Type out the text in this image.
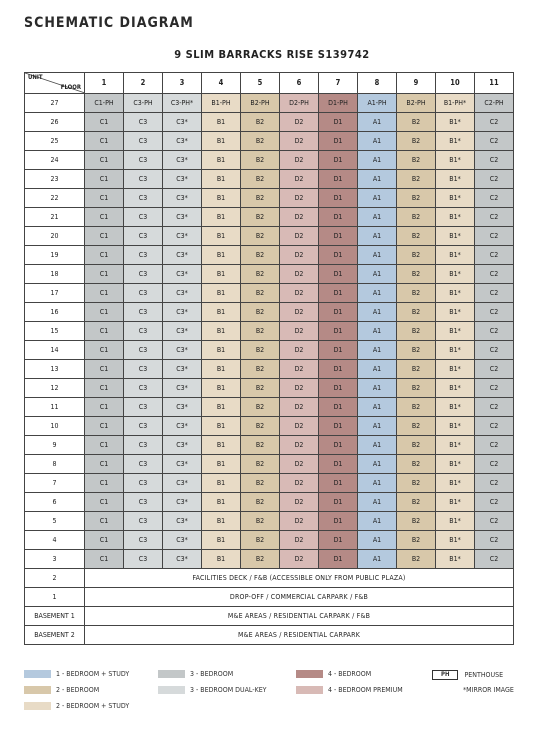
SCHEMATIC DIAGRAM
9 SLIM BARRACKS RISE S139742
UNIT
FLOOR	1	2	3	4	5	6	7	8	9	10	11
27	C1-PH	C3-PH	C3-PH*	B1-PH	B2-PH	D2-PH	D1-PH	A1-PH	B2-PH	B1-PH*	C2-PH
26	C1	C3	C3*	B1	B2	D2	D1	A1	B2	B1*	C2
25	C1	C3	C3*	B1	B2	D2	D1	A1	B2	B1*	C2
24	C1	C3	C3*	B1	B2	D2	D1	A1	B2	B1*	C2
23	C1	C3	C3*	B1	B2	D2	D1	A1	B2	B1*	C2
22	C1	C3	C3*	B1	B2	D2	D1	A1	B2	B1*	C2
21	C1	C3	C3*	B1	B2	D2	D1	A1	B2	B1*	C2
20	C1	C3	C3*	B1	B2	D2	D1	A1	B2	B1*	C2
19	C1	C3	C3*	B1	B2	D2	D1	A1	B2	B1*	C2
18	C1	C3	C3*	B1	B2	D2	D1	A1	B2	B1*	C2
17	C1	C3	C3*	B1	B2	D2	D1	A1	B2	B1*	C2
16	C1	C3	C3*	B1	B2	D2	D1	A1	B2	B1*	C2
15	C1	C3	C3*	B1	B2	D2	D1	A1	B2	B1*	C2
14	C1	C3	C3*	B1	B2	D2	D1	A1	B2	B1*	C2
13	C1	C3	C3*	B1	B2	D2	D1	A1	B2	B1*	C2
12	C1	C3	C3*	B1	B2	D2	D1	A1	B2	B1*	C2
11	C1	C3	C3*	B1	B2	D2	D1	A1	B2	B1*	C2
10	C1	C3	C3*	B1	B2	D2	D1	A1	B2	B1*	C2
9	C1	C3	C3*	B1	B2	D2	D1	A1	B2	B1*	C2
8	C1	C3	C3*	B1	B2	D2	D1	A1	B2	B1*	C2
7	C1	C3	C3*	B1	B2	D2	D1	A1	B2	B1*	C2
6	C1	C3	C3*	B1	B2	D2	D1	A1	B2	B1*	C2
5	C1	C3	C3*	B1	B2	D2	D1	A1	B2	B1*	C2
4	C1	C3	C3*	B1	B2	D2	D1	A1	B2	B1*	C2
3	C1	C3	C3*	B1	B2	D2	D1	A1	B2	B1*	C2
2	FACILITIES DECK / F&B (ACCESSIBLE ONLY FROM PUBLIC PLAZA)										
1	DROP-OFF / COMMERCIAL CARPARK / F&B										
BASEMENT 1	M&E AREAS / RESIDENTIAL CARPARK / F&B										
BASEMENT 2	M&E AREAS / RESIDENTIAL CARPARK										
1 - BEDROOM + STUDY
2 - BEDROOM
2 - BEDROOM + STUDY
3 - BEDROOM
3 - BEDROOM DUAL-KEY
4 - BEDROOM
4 - BEDROOM PREMIUM
PH	PENTHOUSE
*MIRROR IMAGE
